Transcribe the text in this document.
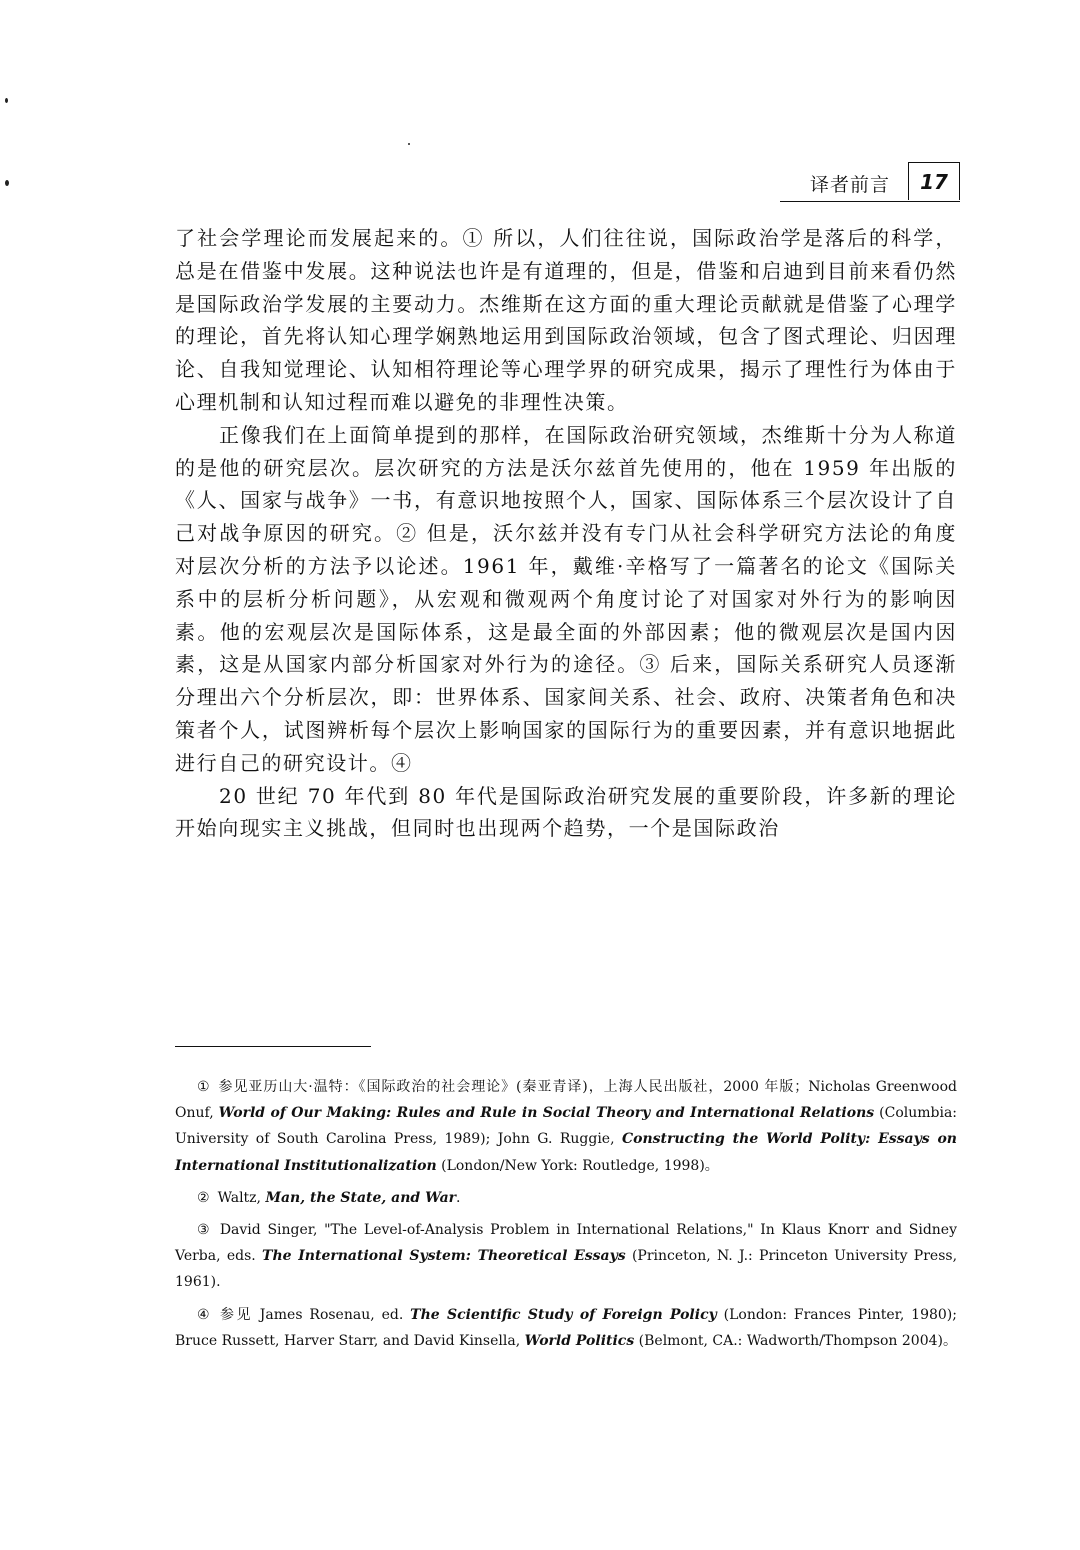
译者前言	17

了社会学理论而发展起来的。① 所以，人们往往说，国际政治学是落后的科学，总是在借鉴中发展。这种说法也许是有道理的，但是，借鉴和启迪到目前来看仍然是国际政治学发展的主要动力。杰维斯在这方面的重大理论贡献就是借鉴了心理学的理论，首先将认知心理学娴熟地运用到国际政治领域，包含了图式理论、归因理论、自我知觉理论、认知相符理论等心理学界的研究成果，揭示了理性行为体由于心理机制和认知过程而难以避免的非理性决策。

正像我们在上面简单提到的那样，在国际政治研究领域，杰维斯十分为人称道的是他的研究层次。层次研究的方法是沃尔兹首先使用的，他在 1959 年出版的《人、国家与战争》一书，有意识地按照个人，国家、国际体系三个层次设计了自己对战争原因的研究。② 但是，沃尔兹并没有专门从社会科学研究方法论的角度对层次分析的方法予以论述。1961 年，戴维·辛格写了一篇著名的论文《国际关系中的层析分析问题》，从宏观和微观两个角度讨论了对国家对外行为的影响因素。他的宏观层次是国际体系，这是最全面的外部因素；他的微观层次是国内因素，这是从国家内部分析国家对外行为的途径。③ 后来，国际关系研究人员逐渐分理出六个分析层次，即：世界体系、国家间关系、社会、政府、决策者角色和决策者个人，试图辨析每个层次上影响国家的国际行为的重要因素，并有意识地据此进行自己的研究设计。④

20 世纪 70 年代到 80 年代是国际政治研究发展的重要阶段，许多新的理论开始向现实主义挑战，但同时也出现两个趋势，一个是国际政治

① 参见亚历山大·温特：《国际政治的社会理论》(秦亚青译)，上海人民出版社，2000 年版；Nicholas Greenwood Onuf, World of Our Making: Rules and Rule in Social Theory and International Relations (Columbia: University of South Carolina Press, 1989); John G. Ruggie, Constructing the World Polity: Essays on International Institutionalization (London/New York: Routledge, 1998)。

② Waltz, Man, the State, and War.

③ David Singer, "The Level-of-Analysis Problem in International Relations," In Klaus Knorr and Sidney Verba, eds. The International System: Theoretical Essays (Princeton, N. J.: Princeton University Press, 1961).

④ 参见 James Rosenau, ed. The Scientific Study of Foreign Policy (London: Frances Pinter, 1980); Bruce Russett, Harver Starr, and David Kinsella, World Politics (Belmont, CA.: Wadworth/Thompson 2004)。
